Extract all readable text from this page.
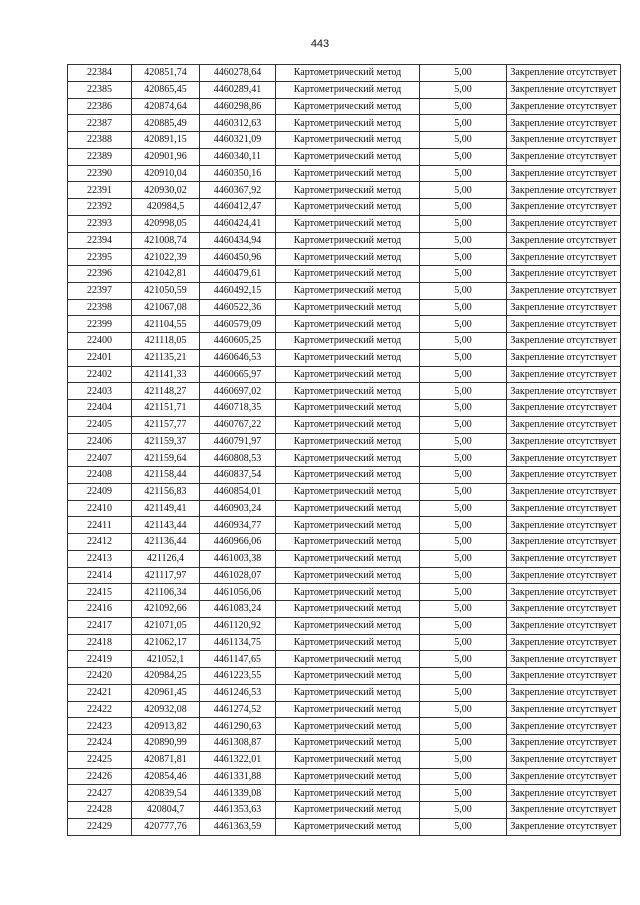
443
22384	420851,74	4460278,64	Картометрический метод	5,00	Закрепление отсутствует
22385	420865,45	4460289,41	Картометрический метод	5,00	Закрепление отсутствует
22386	420874,64	4460298,86	Картометрический метод	5,00	Закрепление отсутствует
22387	420885,49	4460312,63	Картометрический метод	5,00	Закрепление отсутствует
22388	420891,15	4460321,09	Картометрический метод	5,00	Закрепление отсутствует
22389	420901,96	4460340,11	Картометрический метод	5,00	Закрепление отсутствует
22390	420910,04	4460350,16	Картометрический метод	5,00	Закрепление отсутствует
22391	420930,02	4460367,92	Картометрический метод	5,00	Закрепление отсутствует
22392	420984,5	4460412,47	Картометрический метод	5,00	Закрепление отсутствует
22393	420998,05	4460424,41	Картометрический метод	5,00	Закрепление отсутствует
22394	421008,74	4460434,94	Картометрический метод	5,00	Закрепление отсутствует
22395	421022,39	4460450,96	Картометрический метод	5,00	Закрепление отсутствует
22396	421042,81	4460479,61	Картометрический метод	5,00	Закрепление отсутствует
22397	421050,59	4460492,15	Картометрический метод	5,00	Закрепление отсутствует
22398	421067,08	4460522,36	Картометрический метод	5,00	Закрепление отсутствует
22399	421104,55	4460579,09	Картометрический метод	5,00	Закрепление отсутствует
22400	421118,05	4460605,25	Картометрический метод	5,00	Закрепление отсутствует
22401	421135,21	4460646,53	Картометрический метод	5,00	Закрепление отсутствует
22402	421141,33	4460665,97	Картометрический метод	5,00	Закрепление отсутствует
22403	421148,27	4460697,02	Картометрический метод	5,00	Закрепление отсутствует
22404	421151,71	4460718,35	Картометрический метод	5,00	Закрепление отсутствует
22405	421157,77	4460767,22	Картометрический метод	5,00	Закрепление отсутствует
22406	421159,37	4460791,97	Картометрический метод	5,00	Закрепление отсутствует
22407	421159,64	4460808,53	Картометрический метод	5,00	Закрепление отсутствует
22408	421158,44	4460837,54	Картометрический метод	5,00	Закрепление отсутствует
22409	421156,83	4460854,01	Картометрический метод	5,00	Закрепление отсутствует
22410	421149,41	4460903,24	Картометрический метод	5,00	Закрепление отсутствует
22411	421143,44	4460934,77	Картометрический метод	5,00	Закрепление отсутствует
22412	421136,44	4460966,06	Картометрический метод	5,00	Закрепление отсутствует
22413	421126,4	4461003,38	Картометрический метод	5,00	Закрепление отсутствует
22414	421117,97	4461028,07	Картометрический метод	5,00	Закрепление отсутствует
22415	421106,34	4461056,06	Картометрический метод	5,00	Закрепление отсутствует
22416	421092,66	4461083,24	Картометрический метод	5,00	Закрепление отсутствует
22417	421071,05	4461120,92	Картометрический метод	5,00	Закрепление отсутствует
22418	421062,17	4461134,75	Картометрический метод	5,00	Закрепление отсутствует
22419	421052,1	4461147,65	Картометрический метод	5,00	Закрепление отсутствует
22420	420984,25	4461223,55	Картометрический метод	5,00	Закрепление отсутствует
22421	420961,45	4461246,53	Картометрический метод	5,00	Закрепление отсутствует
22422	420932,08	4461274,52	Картометрический метод	5,00	Закрепление отсутствует
22423	420913,82	4461290,63	Картометрический метод	5,00	Закрепление отсутствует
22424	420890,99	4461308,87	Картометрический метод	5,00	Закрепление отсутствует
22425	420871,81	4461322,01	Картометрический метод	5,00	Закрепление отсутствует
22426	420854,46	4461331,88	Картометрический метод	5,00	Закрепление отсутствует
22427	420839,54	4461339,08	Картометрический метод	5,00	Закрепление отсутствует
22428	420804,7	4461353,63	Картометрический метод	5,00	Закрепление отсутствует
22429	420777,76	4461363,59	Картометрический метод	5,00	Закрепление отсутствует
